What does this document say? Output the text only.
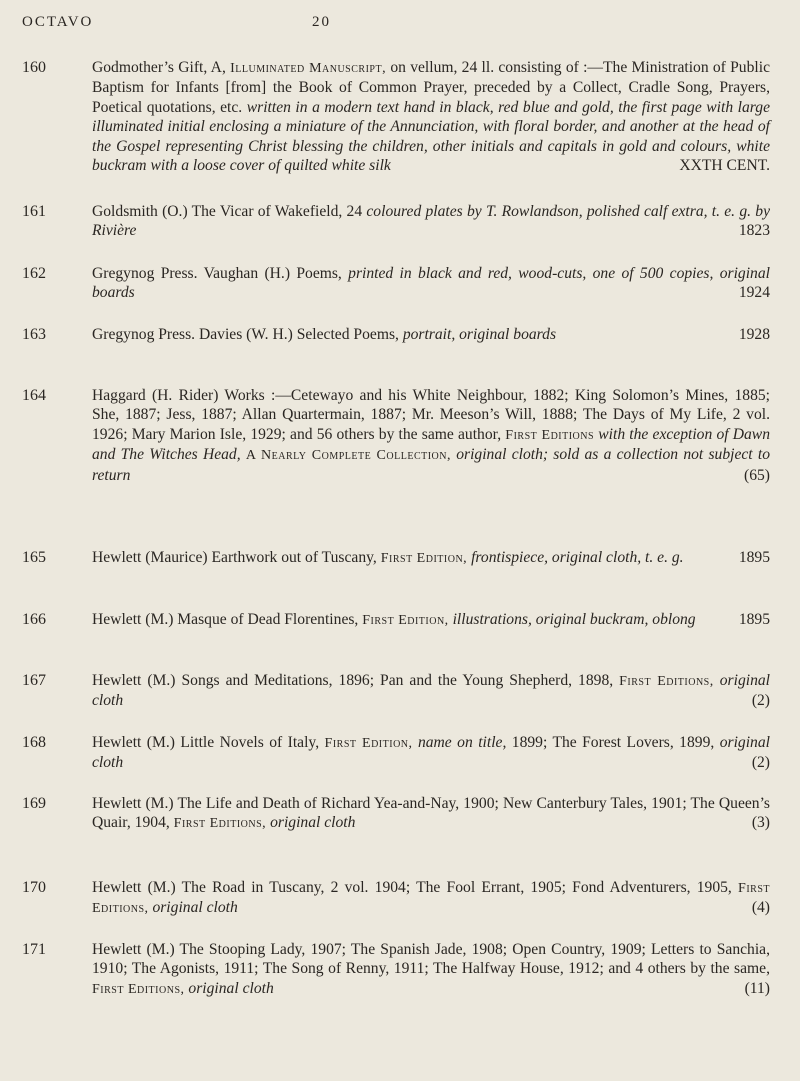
OCTAVO	20
160	Godmother’s Gift, A, Illuminated Manuscript, on vellum, 24 ll. consisting of :—The Ministration of Public Baptism for Infants [from] the Book of Common Prayer, preceded by a Collect, Cradle Song, Prayers, Poetical quotations, etc. written in a modern text hand in black, red blue and gold, the first page with large illuminated initial enclosing a miniature of the Annunciation, with floral border, and another at the head of the Gospel representing Christ blessing the children, other initials and capitals in gold and colours, white buckram with a loose cover of quilted white silk	XXTH CENT.
161	Goldsmith (O.) The Vicar of Wakefield, 24 coloured plates by T. Rowlandson, polished calf extra, t. e. g. by Rivière	1823
162	Gregynog Press. Vaughan (H.) Poems, printed in black and red, wood-cuts, one of 500 copies, original boards	1924
163	Gregynog Press. Davies (W. H.) Selected Poems, portrait, original boards	1928
164	Haggard (H. Rider) Works :—Cetewayo and his White Neighbour, 1882; King Solomon’s Mines, 1885; She, 1887; Jess, 1887; Allan Quartermain, 1887; Mr. Meeson’s Will, 1888; The Days of My Life, 2 vol. 1926; Mary Marion Isle, 1929; and 56 others by the same author, First Editions with the exception of Dawn and The Witches Head, A Nearly Complete Collection, original cloth; sold as a collection not subject to return	(65)
165	Hewlett (Maurice) Earthwork out of Tuscany, First Edition, frontispiece, original cloth, t. e. g.	1895
166	Hewlett (M.) Masque of Dead Florentines, First Edition, illustrations, original buckram, oblong	1895
167	Hewlett (M.) Songs and Meditations, 1896; Pan and the Young Shepherd, 1898, First Editions, original cloth	(2)
168	Hewlett (M.) Little Novels of Italy, First Edition, name on title, 1899; The Forest Lovers, 1899, original cloth	(2)
169	Hewlett (M.) The Life and Death of Richard Yea-and-Nay, 1900; New Canterbury Tales, 1901; The Queen’s Quair, 1904, First Editions, original cloth	(3)
170	Hewlett (M.) The Road in Tuscany, 2 vol. 1904; The Fool Errant, 1905; Fond Adventurers, 1905, First Editions, original cloth	(4)
171	Hewlett (M.) The Stooping Lady, 1907; The Spanish Jade, 1908; Open Country, 1909; Letters to Sanchia, 1910; The Agonists, 1911; The Song of Renny, 1911; The Halfway House, 1912; and 4 others by the same, First Editions, original cloth	(11)
